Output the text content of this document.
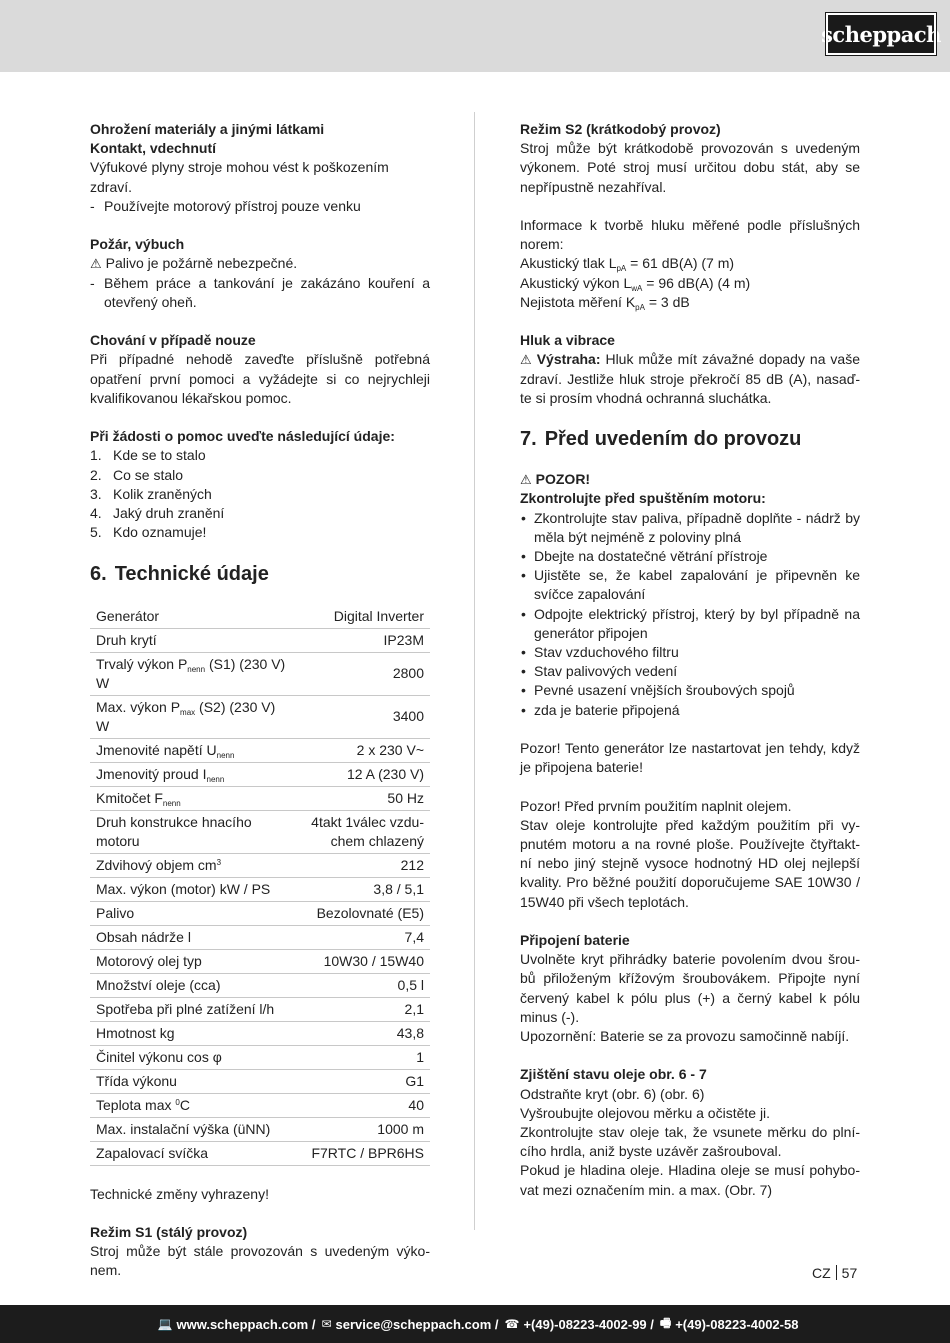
scheppach
Ohrožení materiály a jinými látkami
Kontakt, vdechnutí
Výfukové plyny stroje mohou vést k poškozením zdraví.
- Používejte motorový přístroj pouze venku
Požár, výbuch
⚠ Palivo je požárně nebezpečné.
- Během práce a tankování je zakázáno kouření a otevřený oheň.
Chování v případě nouze
Při případné nehodě zaveďte příslušně potřebná opatření první pomoci a vyžádejte si co nejrychleji kvalifikovanou lékařskou pomoc.
Při žádosti o pomoc uveďte následující údaje:
1. Kde se to stalo
2. Co se stalo
3. Kolik zraněných
4. Jaký druh zranění
5. Kdo oznamuje!
6. Technické údaje
Generátor	Digital Inverter
Druh krytí	IP23M
Trvalý výkon $P_{nenn}$ (S1) (230 V) W	2800
Max. výkon $P_{max}$ (S2) (230 V) W	3400
Jmenovité napětí $U_{nenn}$	2 x 230 V~
Jmenovitý proud $I_{nenn}$	12 A (230 V)
Kmitočet $F_{nenn}$	50 Hz
Druh konstrukce hnacího motoru	4takt 1válec vzdu-chem chlazený
Zdvihový objem $cm^3$	212
Max. výkon (motor) kW / PS	3,8 / 5,1
Palivo	Bezolovnaté (E5)
Obsah nádrže l	7,4
Motorový olej typ	10W30 / 15W40
Množství oleje (cca)	0,5 l
Spotřeba při plné zatížení l/h	2,1
Hmotnost kg	43,8
Činitel výkonu cos φ	1
Třída výkonu	G1
Teplota max $^0$C	40
Max. instalační výška (üNN)	1000 m
Zapalovací svíčka	F7RTC / BPR6HS
Technické změny vyhrazeny!
Režim S1 (stálý provoz)
Stroj může být stále provozován s uvedeným výko-nem.
Režim S2 (krátkodobý provoz)
Stroj může být krátkodobě provozován s uvedeným výkonem. Poté stroj musí určitou dobu stát, aby se nepřípustně nezahříval.
Informace k tvorbě hluku měřené podle příslušných norem:
Akustický tlak $L_{pA} = 61$ dB(A) (7 m)
Akustický výkon $L_{wA} = 96$ dB(A) (4 m)
Nejistota měření $K_{pA} = 3$ dB
Hluk a vibrace
⚠ Výstraha: Hluk může mít závažné dopady na vaše zdraví. Jestliže hluk stroje překročí 85 dB (A), nasaď-te si prosím vhodná ochranná sluchátka.
7. Před uvedením do provozu
⚠ POZOR!
Zkontrolujte před spuštěním motoru:
• Zkontrolujte stav paliva, případně doplňte - nádrž by měla být nejméně z poloviny plná
• Dbejte na dostatečné větrání přístroje
• Ujistěte se, že kabel zapalování je připevněn ke svíčce zapalování
• Odpojte elektrický přístroj, který by byl případně na generátor připojen
• Stav vzduchového filtru
• Stav palivových vedení
• Pevné usazení vnějších šroubových spojů
• zda je baterie připojená
Pozor! Tento generátor lze nastartovat jen tehdy, když je připojena baterie!
Pozor! Před prvním použitím naplnit olejem.
Stav oleje kontrolujte před každým použitím při vy-pnutém motoru a na rovné ploše. Používejte čtyřtakt-ní nebo jiný stejně vysoce hodnotný HD olej nejlepší kvality. Pro běžné použití doporučujeme SAE 10W30 / 15W40 při všech teplotách.
Připojení baterie
Uvolněte kryt přihrádky baterie povolením dvou šrou-bů přiloženým křížovým šroubovákem. Připojte nyní červený kabel k pólu plus (+) a černý kabel k pólu minus (-).
Upozornění: Baterie se za provozu samočinně nabíjí.
Zjištění stavu oleje obr. 6 - 7
Odstraňte kryt (obr. 6) (obr. 6)
Vyšroubujte olejovou měrku a očistěte ji.
Zkontrolujte stav oleje tak, že vsunete měrku do plní-cího hrdla, aniž byste uzávěr zašrouboval.
Pokud je hladina oleje. Hladina oleje se musí pohybo-vat mezi označením min. a max. (Obr. 7)
CZ 57
💻 www.scheppach.com / ✉ service@scheppach.com / ☎ +(49)-08223-4002-99 / 🖷 +(49)-08223-4002-58
